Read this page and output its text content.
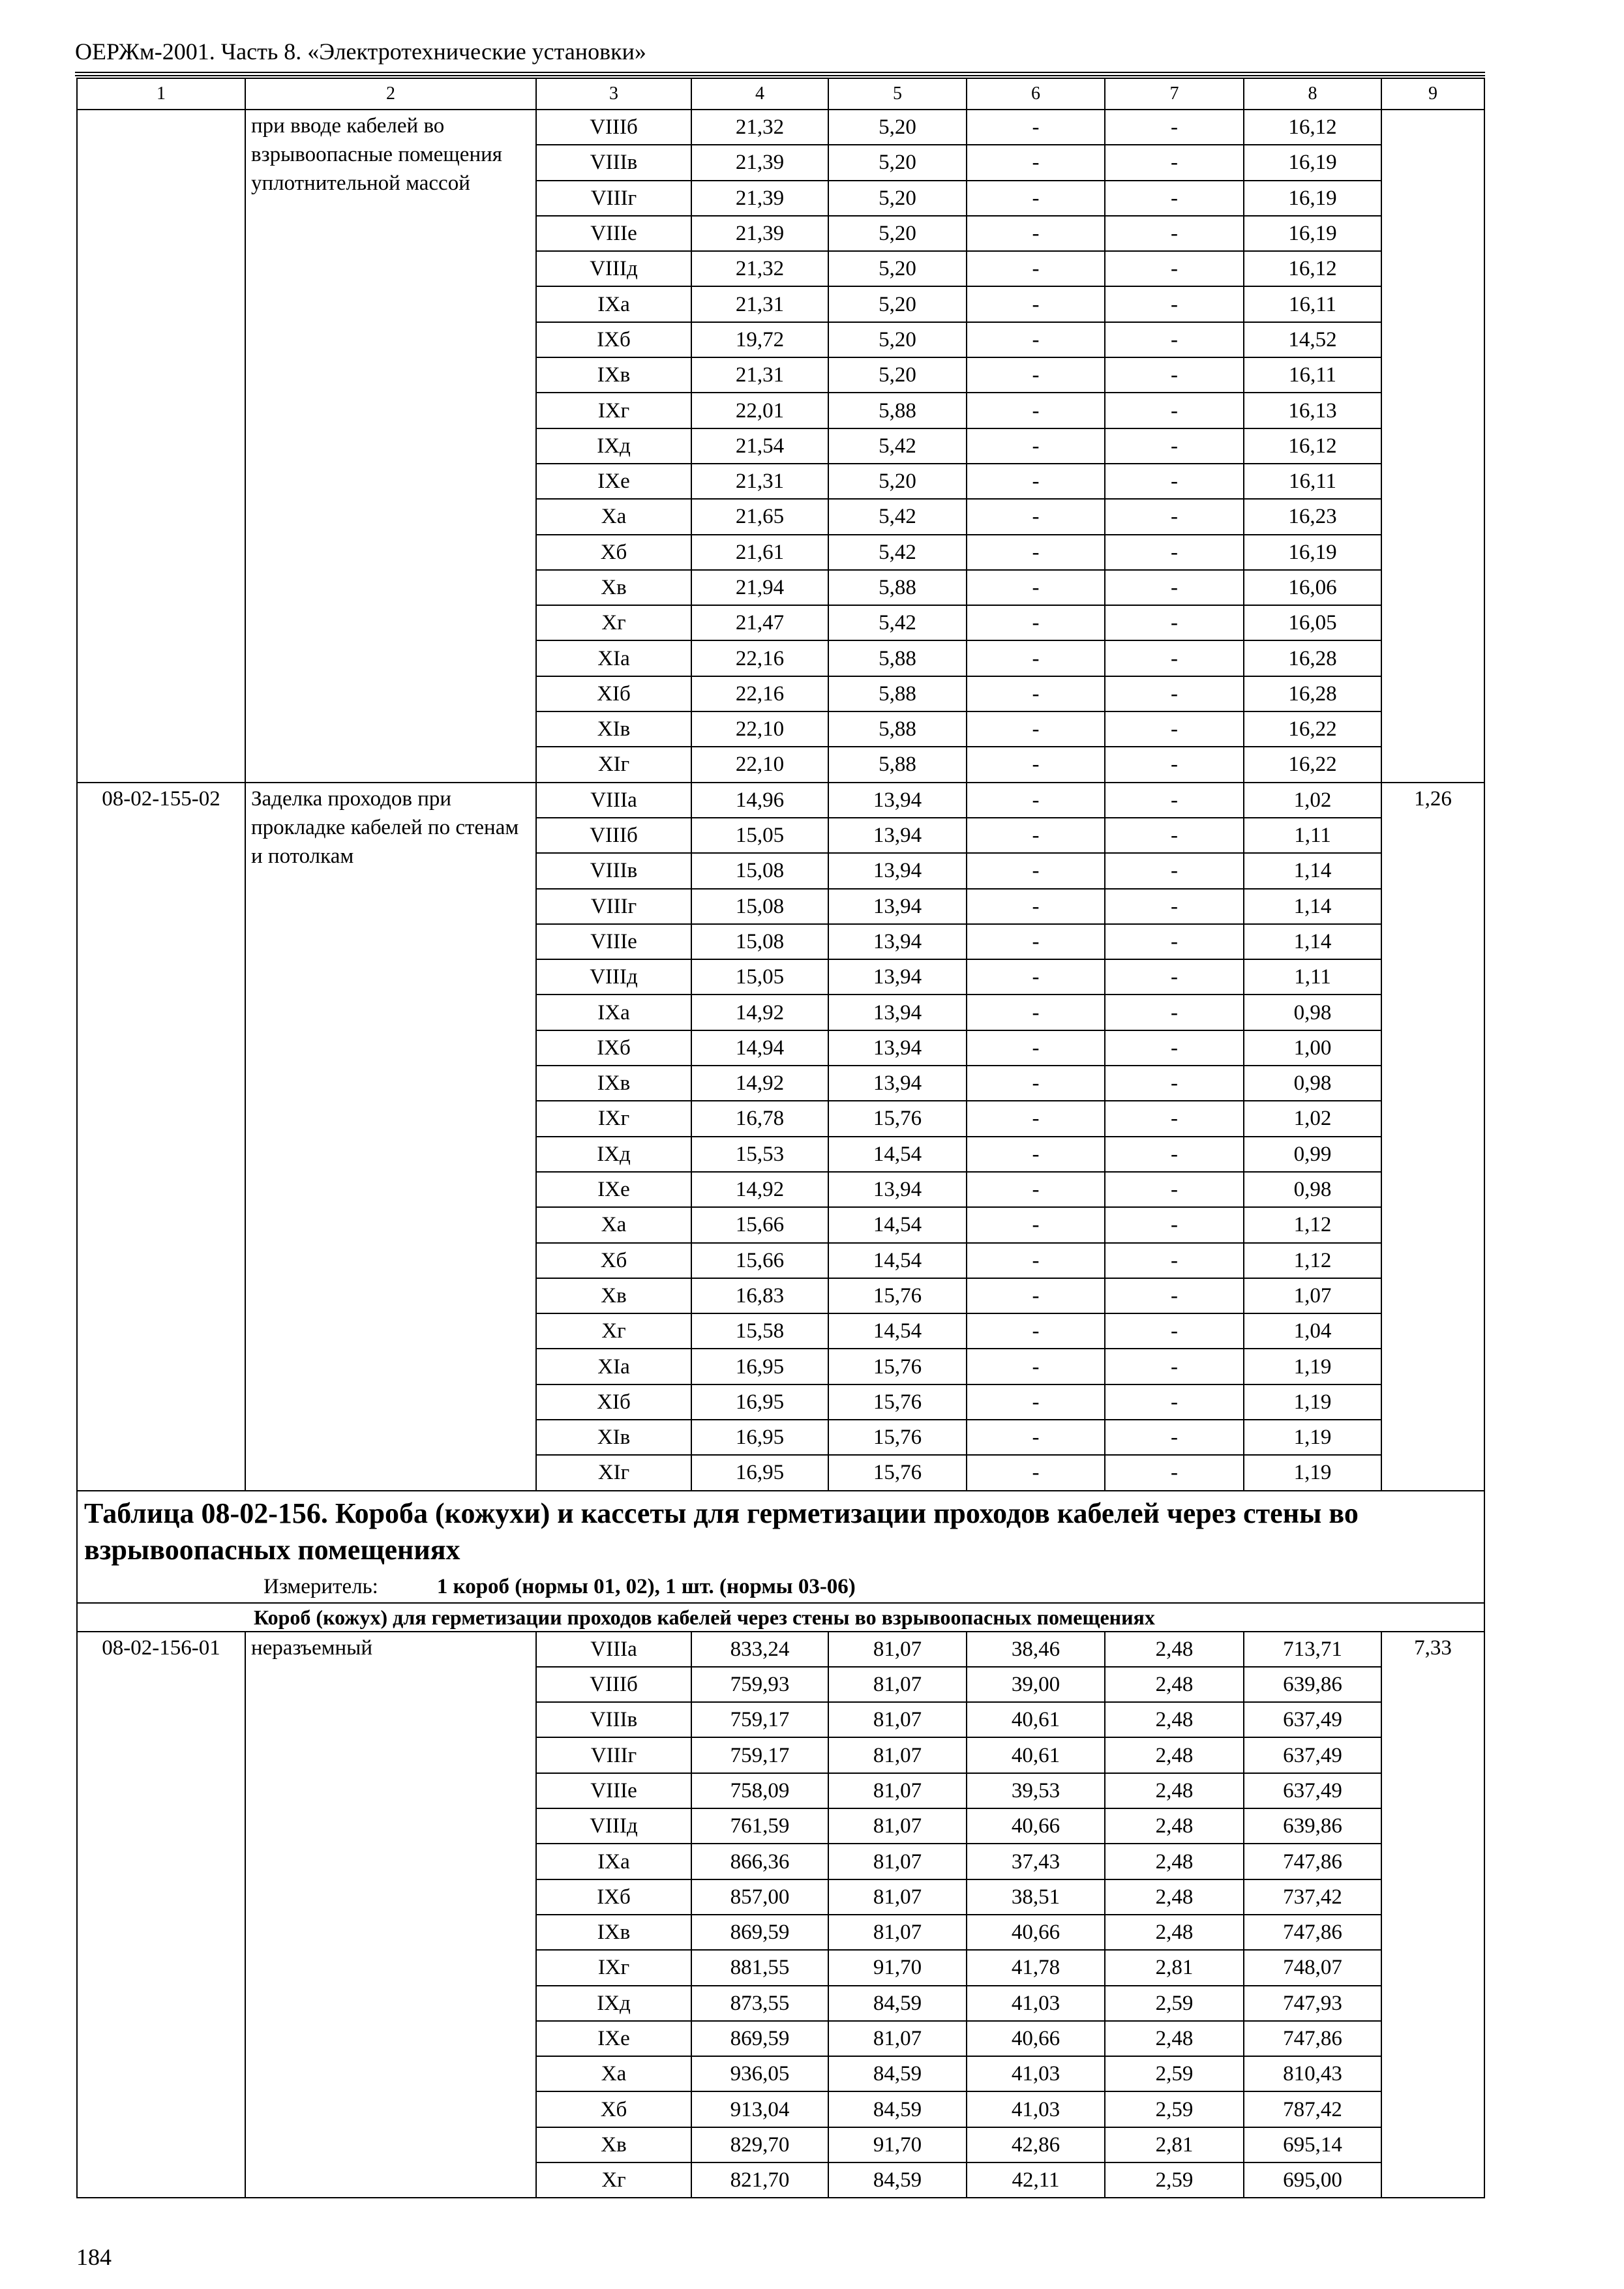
ОЕРЖм-2001. Часть 8. «Электротехнические установки»
1	2	3	4	5	6	7	8	9
	при вводе кабелей во взрывоопасные помещения уплотнительной массой	VIIIб	21,32	5,20	-	-	16,12	
		VIIIв	21,39	5,20	-	-	16,19	
		VIIIг	21,39	5,20	-	-	16,19	
		VIIIе	21,39	5,20	-	-	16,19	
		VIIIд	21,32	5,20	-	-	16,12	
		IXа	21,31	5,20	-	-	16,11	
		IXб	19,72	5,20	-	-	14,52	
		IXв	21,31	5,20	-	-	16,11	
		IXг	22,01	5,88	-	-	16,13	
		IXд	21,54	5,42	-	-	16,12	
		IXе	21,31	5,20	-	-	16,11	
		Xа	21,65	5,42	-	-	16,23	
		Xб	21,61	5,42	-	-	16,19	
		Xв	21,94	5,88	-	-	16,06	
		Xг	21,47	5,42	-	-	16,05	
		XIа	22,16	5,88	-	-	16,28	
		XIб	22,16	5,88	-	-	16,28	
		XIв	22,10	5,88	-	-	16,22	
		XIг	22,10	5,88	-	-	16,22	
08-02-155-02	Заделка проходов при прокладке кабелей по стенам и потолкам	VIIIа	14,96	13,94	-	-	1,02	1,26
		VIIIб	15,05	13,94	-	-	1,11	
		VIIIв	15,08	13,94	-	-	1,14	
		VIIIг	15,08	13,94	-	-	1,14	
		VIIIе	15,08	13,94	-	-	1,14	
		VIIIд	15,05	13,94	-	-	1,11	
		IXа	14,92	13,94	-	-	0,98	
		IXб	14,94	13,94	-	-	1,00	
		IXв	14,92	13,94	-	-	0,98	
		IXг	16,78	15,76	-	-	1,02	
		IXд	15,53	14,54	-	-	0,99	
		IXе	14,92	13,94	-	-	0,98	
		Xа	15,66	14,54	-	-	1,12	
		Xб	15,66	14,54	-	-	1,12	
		Xв	16,83	15,76	-	-	1,07	
		Xг	15,58	14,54	-	-	1,04	
		XIа	16,95	15,76	-	-	1,19	
		XIб	16,95	15,76	-	-	1,19	
		XIв	16,95	15,76	-	-	1,19	
		XIг	16,95	15,76	-	-	1,19	
Таблица 08-02-156. Короба (кожухи) и кассеты для герметизации проходов кабелей через стены во взрывоопасных помещениях
Измеритель: 1 короб (нормы 01, 02), 1 шт. (нормы 03-06)								

Короб (кожух) для герметизации проходов кабелей через стены во взрывоопасных помещениях								
08-02-156-01	неразъемный	VIIIа	833,24	81,07	38,46	2,48	713,71	7,33
		VIIIб	759,93	81,07	39,00	2,48	639,86	
		VIIIв	759,17	81,07	40,61	2,48	637,49	
		VIIIг	759,17	81,07	40,61	2,48	637,49	
		VIIIе	758,09	81,07	39,53	2,48	637,49	
		VIIIд	761,59	81,07	40,66	2,48	639,86	
		IXа	866,36	81,07	37,43	2,48	747,86	
		IXб	857,00	81,07	38,51	2,48	737,42	
		IXв	869,59	81,07	40,66	2,48	747,86	
		IXг	881,55	91,70	41,78	2,81	748,07	
		IXд	873,55	84,59	41,03	2,59	747,93	
		IXе	869,59	81,07	40,66	2,48	747,86	
		Xа	936,05	84,59	41,03	2,59	810,43	
		Xб	913,04	84,59	41,03	2,59	787,42	
		Xв	829,70	91,70	42,86	2,81	695,14	
		Xг	821,70	84,59	42,11	2,59	695,00	
184
